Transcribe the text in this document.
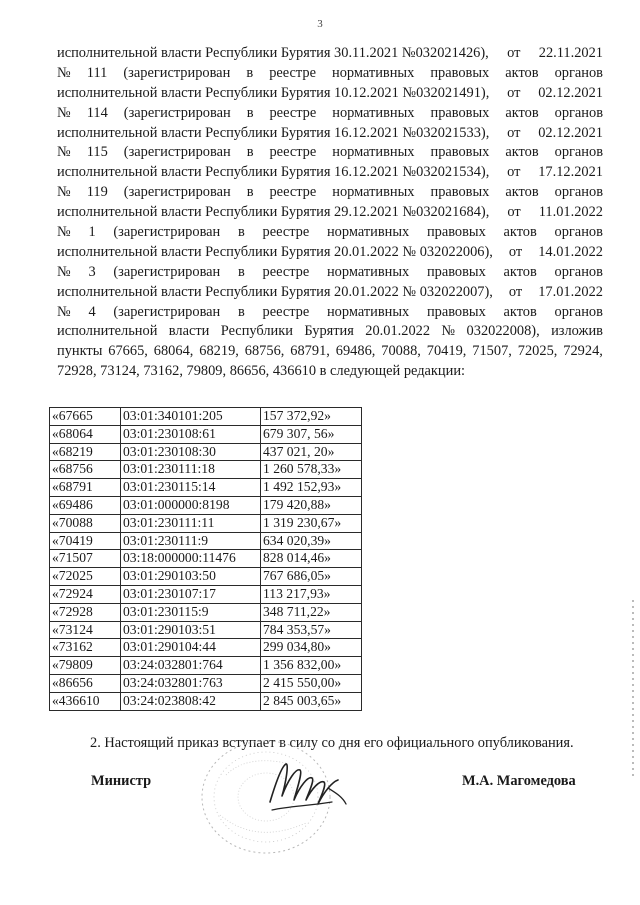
3
исполнительной власти Республики Бурятия 30.11.2021 №032021426), от 22.11.2021
№ 111 (зарегистрирован в реестре нормативных правовых актов органов
исполнительной власти Республики Бурятия 10.12.2021 №032021491), от 02.12.2021
№ 114 (зарегистрирован в реестре нормативных правовых актов органов
исполнительной власти Республики Бурятия 16.12.2021 №032021533), от 02.12.2021
№ 115 (зарегистрирован в реестре нормативных правовых актов органов
исполнительной власти Республики Бурятия 16.12.2021 №032021534), от 17.12.2021
№ 119 (зарегистрирован в реестре нормативных правовых актов органов
исполнительной власти Республики Бурятия 29.12.2021 №032021684), от 11.01.2022
№ 1 (зарегистрирован в реестре нормативных правовых актов органов
исполнительной власти Республики Бурятия 20.01.2022 № 032022006), от 14.01.2022
№ 3 (зарегистрирован в реестре нормативных правовых актов органов
исполнительной власти Республики Бурятия 20.01.2022 № 032022007), от 17.01.2022
№ 4 (зарегистрирован в реестре нормативных правовых актов органов
исполнительной власти Республики Бурятия 20.01.2022 № 032022008), изложив
пункты 67665, 68064, 68219, 68756, 68791, 69486, 70088, 70419, 71507, 72025, 72924,
72928, 73124, 73162, 79809, 86656, 436610 в следующей редакции:
«67665	03:01:340101:205	157 372,92»
«68064	03:01:230108:61	679 307, 56»
«68219	03:01:230108:30	437 021, 20»
«68756	03:01:230111:18	1 260 578,33»
«68791	03:01:230115:14	1 492 152,93»
«69486	03:01:000000:8198	179 420,88»
«70088	03:01:230111:11	1 319 230,67»
«70419	03:01:230111:9	634 020,39»
«71507	03:18:000000:11476	828 014,46»
«72025	03:01:290103:50	767 686,05»
«72924	03:01:230107:17	113 217,93»
«72928	03:01:230115:9	348 711,22»
«73124	03:01:290103:51	784 353,57»
«73162	03:01:290104:44	299 034,80»
«79809	03:24:032801:764	1 356 832,00»
«86656	03:24:032801:763	2 415 550,00»
«436610	03:24:023808:42	2 845 003,65»
2. Настоящий приказ вступает в силу со дня его официального опубликования.
Министр	М.А. Магомедова
